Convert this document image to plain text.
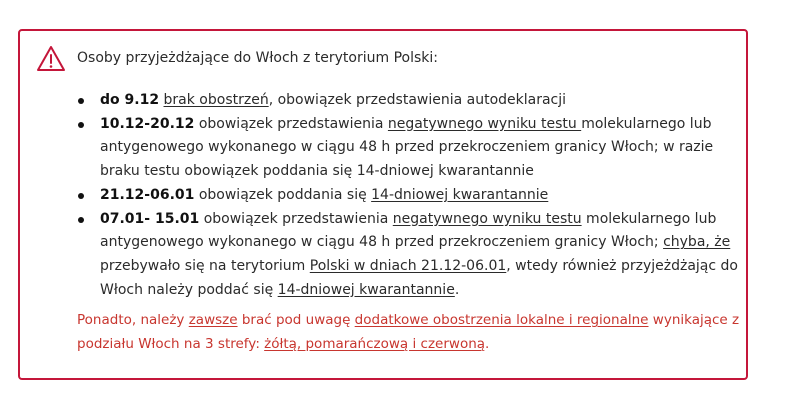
Osoby przyjeżdżające do Włoch z terytorium Polski:

do 9.12 brak obostrzeń, obowiązek przedstawienia autodeklaracji
10.12-20.12 obowiązek przedstawienia negatywnego wyniku testu molekularnego lub antygenowego wykonanego w ciągu 48 h przed przekroczeniem granicy Włoch; w razie braku testu obowiązek poddania się 14-dniowej kwarantannie
21.12-06.01 obowiązek poddania się 14-dniowej kwarantannie
07.01- 15.01 obowiązek przedstawienia negatywnego wyniku testu molekularnego lub antygenowego wykonanego w ciągu 48 h przed przekroczeniem granicy Włoch; chyba, że przebywało się na terytorium Polski w dniach 21.12-06.01, wtedy również przyjeżdżając do Włoch należy poddać się 14-dniowej kwarantannie.

Ponadto, należy zawsze brać pod uwagę dodatkowe obostrzenia lokalne i regionalne wynikające z podziału Włoch na 3 strefy: żółtą, pomarańczową i czerwoną.
